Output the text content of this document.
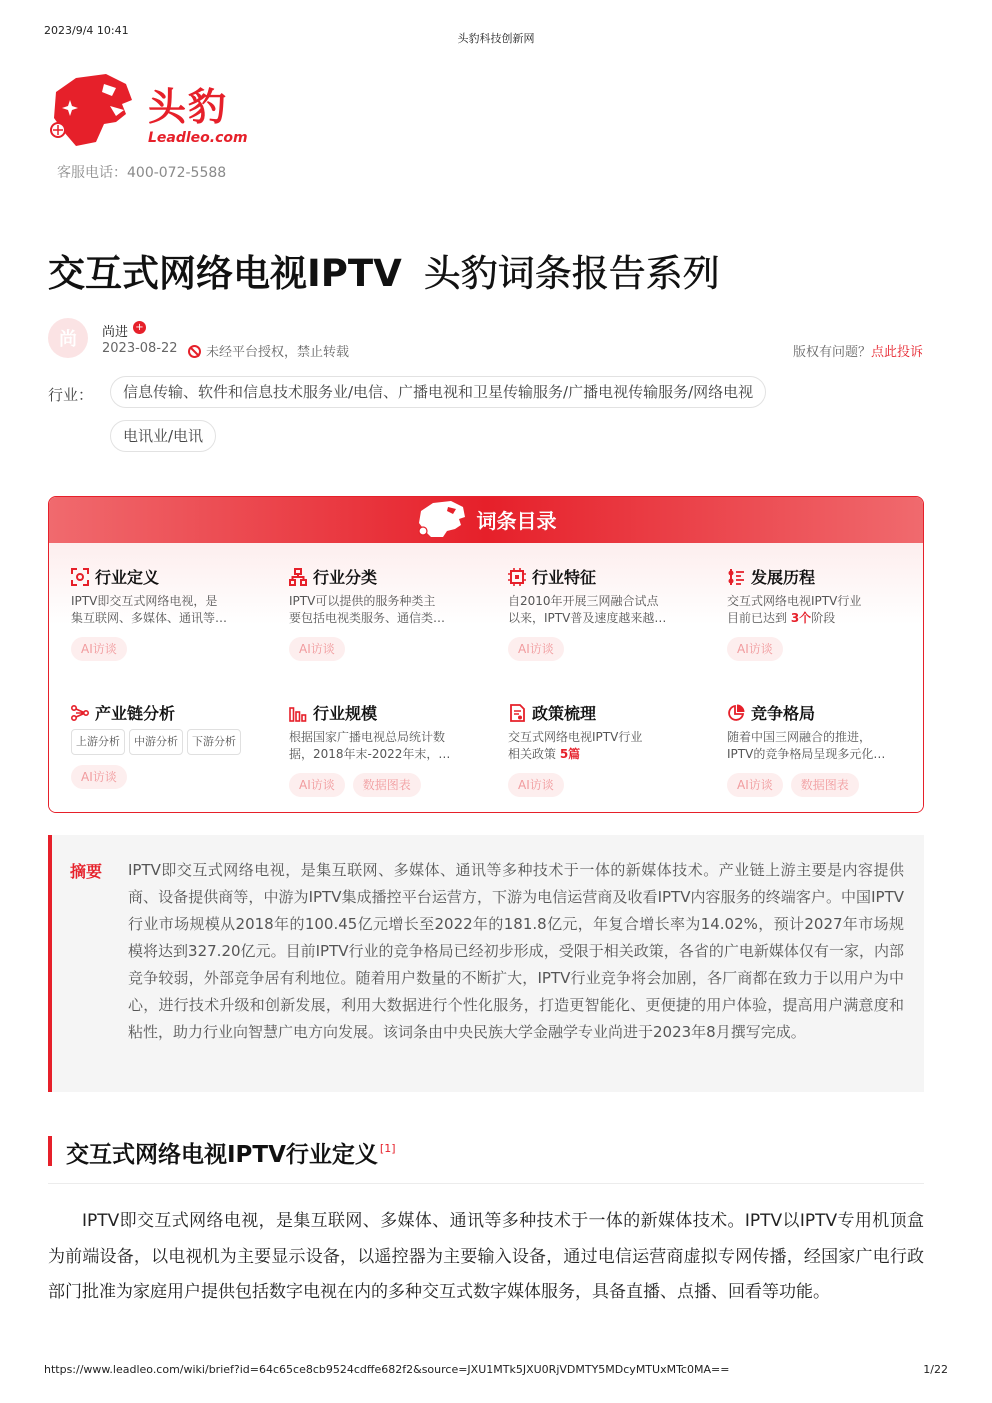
2023/9/4 10:41
头豹科技创新网
头豹
Leadleo.com
客服电话：400-072-5588
交互式网络电视IPTV 头豹词条报告系列
尚	尚进 +
2023-08-22	未经平台授权，禁止转载	版权有问题？点此投诉
行业：	信息传输、软件和信息技术服务业/电信、广播电视和卫星传输服务/广播电视传输服务/网络电视
电讯业/电讯
词条目录
行业定义
IPTV即交互式网络电视，是
集互联网、多媒体、通讯等…
AI访谈
行业分类
IPTV可以提供的服务种类主
要包括电视类服务、通信类…
AI访谈
行业特征
自2010年开展三网融合试点
以来，IPTV普及速度越来越…
AI访谈
发展历程
交互式网络电视IPTV行业
目前已达到 3个阶段
AI访谈
产业链分析
上游分析 中游分析 下游分析
AI访谈
行业规模
根据国家广播电视总局统计数
据，2018年末-2022年末，…
AI访谈 数据图表
政策梳理
交互式网络电视IPTV行业
相关政策 5篇
AI访谈
竞争格局
随着中国三网融合的推进，
IPTV的竞争格局呈现多元化…
AI访谈 数据图表
摘要 IPTV即交互式网络电视，是集互联网、多媒体、通讯等多种技术于一体的新媒体技术。产业链上游主要是内容提供商、设备提供商等，中游为IPTV集成播控平台运营方，下游为电信运营商及收看IPTV内容服务的终端客户。中国IPTV行业市场规模从2018年的100.45亿元增长至2022年的181.8亿元，年复合增长率为14.02%，预计2027年市场规模将达到327.20亿元。目前IPTV行业的竞争格局已经初步形成，受限于相关政策，各省的广电新媒体仅有一家，内部竞争较弱，外部竞争居有利地位。随着用户数量的不断扩大，IPTV行业竞争将会加剧，各厂商都在致力于以用户为中心，进行技术升级和创新发展，利用大数据进行个性化服务，打造更智能化、更便捷的用户体验，提高用户满意度和粘性，助力行业向智慧广电方向发展。该词条由中央民族大学金融学专业尚进于2023年8月撰写完成。

交互式网络电视IPTV行业定义 [1]

IPTV即交互式网络电视，是集互联网、多媒体、通讯等多种技术于一体的新媒体技术。IPTV以IPTV专用机顶盒为前端设备，以电视机为主要显示设备，以遥控器为主要输入设备，通过电信运营商虚拟专网传播，经国家广电行政部门批准为家庭用户提供包括数字电视在内的多种交互式数字媒体服务，具备直播、点播、回看等功能。

https://www.leadleo.com/wiki/brief?id=64c65ce8cb9524cdffe682f2&source=JXU1MTk5JXU0RjVDMTY5MDcyMTUxMTc0MA==	1/22
